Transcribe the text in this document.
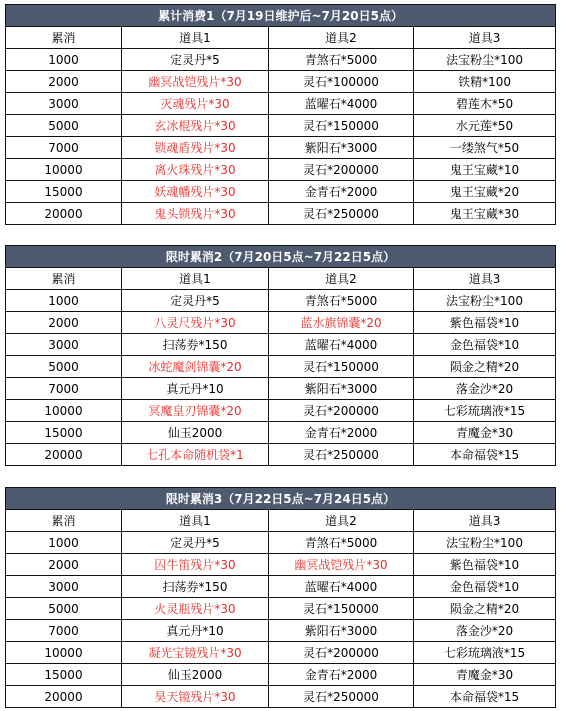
累计消费1（7月19日维护后~7月20日5点）			
累消	道具1	道具2	道具3
1000	定灵丹*5	青煞石*5000	法宝粉尘*100
2000	幽冥战铠残片*30	灵石*100000	铁精*100
3000	灭魂残片*30	蓝曜石*4000	碧莲木*50
5000	玄冰棍残片*30	灵石*150000	水元莲*50
7000	锁魂盾残片*30	紫阳石*3000	一缕煞气*50
10000	离火珠残片*30	灵石*200000	鬼王宝藏*10
15000	妖魂幡残片*30	金青石*2000	鬼王宝藏*20
20000	鬼头锁残片*30	灵石*250000	鬼王宝藏*30
限时累消2（7月20日5点~7月22日5点）			
累消	道具1	道具2	道具3
1000	定灵丹*5	青煞石*5000	法宝粉尘*100
2000	八灵尺残片*30	蓝水旗锦囊*20	紫色福袋*10
3000	扫荡券*150	蓝曜石*4000	金色福袋*10
5000	冰蛇魔剑锦囊*20	灵石*150000	陨金之精*20
7000	真元丹*10	紫阳石*3000	落金沙*20
10000	冥魔皇刃锦囊*20	灵石*200000	七彩琉璃液*15
15000	仙玉2000	金青石*2000	青魔金*30
20000	七孔本命随机袋*1	灵石*250000	本命福袋*15
限时累消3（7月22日5点~7月24日5点）			
累消	道具1	道具2	道具3
1000	定灵丹*5	青煞石*5000	法宝粉尘*100
2000	囚牛笛残片*30	幽冥战铠残片*30	紫色福袋*10
3000	扫荡券*150	蓝曜石*4000	金色福袋*10
5000	火灵瓶残片*30	灵石*150000	陨金之精*20
7000	真元丹*10	紫阳石*3000	落金沙*20
10000	凝光宝镜残片*30	灵石*200000	七彩琉璃液*15
15000	仙玉2000	金青石*2000	青魔金*30
20000	昊天镜残片*30	灵石*250000	本命福袋*15
